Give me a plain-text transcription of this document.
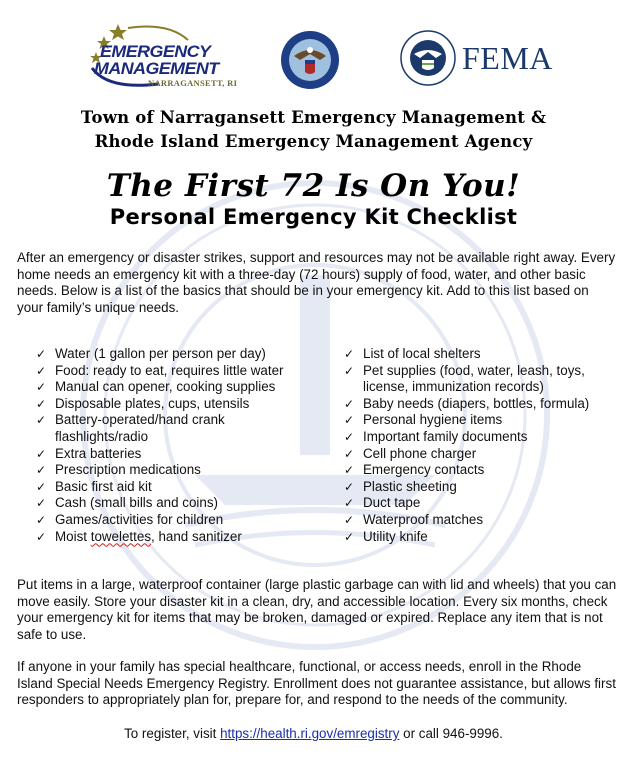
EMERGENCY
MANAGEMENT
NARRAGANSETT, RI
FEMA
Town of Narragansett Emergency Management &
Rhode Island Emergency Management Agency
The First 72 Is On You!
Personal Emergency Kit Checklist
After an emergency or disaster strikes, support and resources may not be available right away. Every home needs an emergency kit with a three-day (72 hours) supply of food, water, and other basic needs. Below is a list of the basics that should be in your emergency kit. Add to this list based on your family’s unique needs.
✓ Water (1 gallon per person per day)
✓ Food: ready to eat, requires little water
✓ Manual can opener, cooking supplies
✓ Disposable plates, cups, utensils
✓ Battery-operated/hand crank flashlights/radio
✓ Extra batteries
✓ Prescription medications
✓ Basic first aid kit
✓ Cash (small bills and coins)
✓ Games/activities for children
✓ Moist towelettes, hand sanitizer
✓ List of local shelters
✓ Pet supplies (food, water, leash, toys, license, immunization records)
✓ Baby needs (diapers, bottles, formula)
✓ Personal hygiene items
✓ Important family documents
✓ Cell phone charger
✓ Emergency contacts
✓ Plastic sheeting
✓ Duct tape
✓ Waterproof matches
✓ Utility knife
Put items in a large, waterproof container (large plastic garbage can with lid and wheels) that you can move easily. Store your disaster kit in a clean, dry, and accessible location. Every six months, check your emergency kit for items that may be broken, damaged or expired. Replace any item that is not safe to use.
If anyone in your family has special healthcare, functional, or access needs, enroll in the Rhode Island Special Needs Emergency Registry. Enrollment does not guarantee assistance, but allows first responders to appropriately plan for, prepare for, and respond to the needs of the community.
To register, visit https://health.ri.gov/emregistry or call 946-9996.
